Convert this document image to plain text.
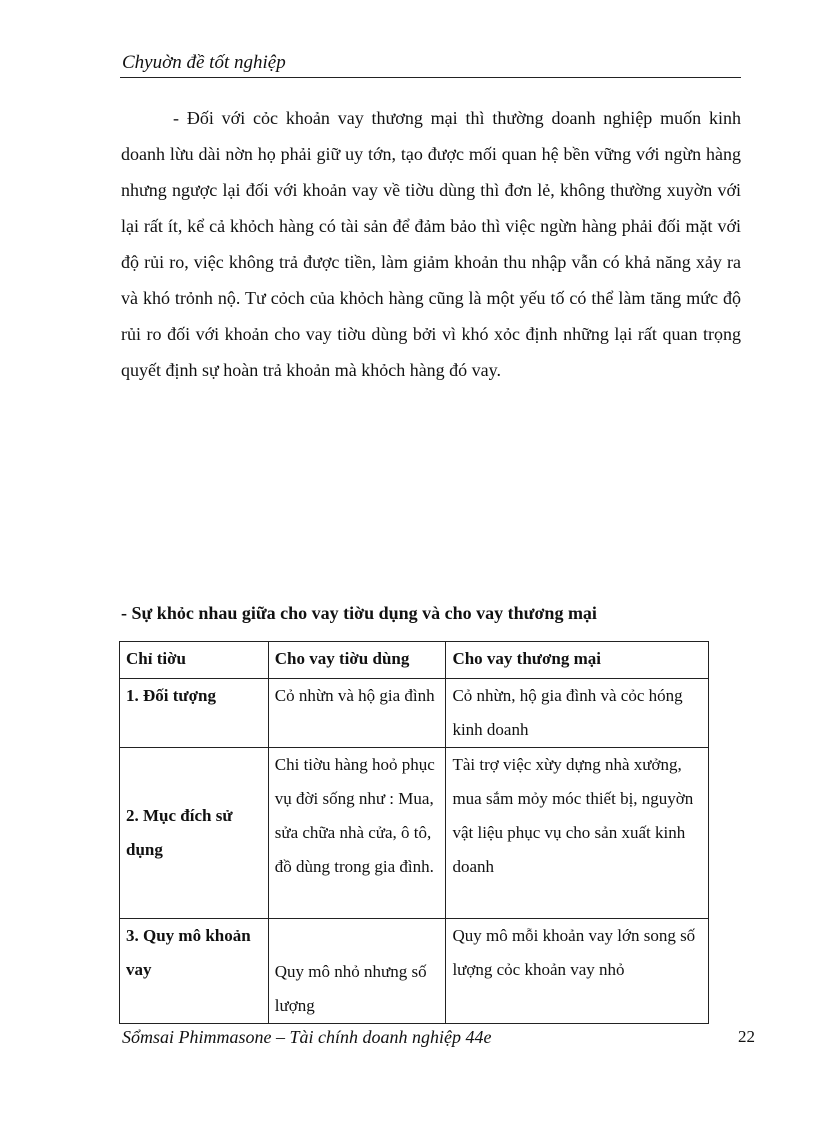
Chyuờn đề tốt nghiệp

- Đối với cỏc khoản vay thương mại thì thường doanh nghiệp muốn kinh doanh lừu dài nờn họ phải giữ uy tớn, tạo được mối quan hệ bền vững với ngừn hàng nhưng ngược lại đối với khoản vay về tiờu dùng thì đơn lẻ, không thường xuyờn với lại rất ít, kể cả khỏch hàng có tài sản để đảm bảo thì việc ngừn hàng phải đối mặt với độ rủi ro, việc không trả được tiền, làm giảm khoản thu nhập vẫn có khả năng xảy ra và khó trỏnh nộ. Tư cỏch của khỏch hàng cũng là một yếu tố có thể làm tăng mức độ rủi ro đối với khoản cho vay tiờu dùng bởi vì khó xỏc định những lại rất quan trọng quyết định sự hoàn trả khoản mà khỏch hàng đó vay.

- Sự khỏc nhau giữa cho vay tiờu dụng và cho vay thương mại
Chỉ tiờu	Cho vay tiờu dùng	Cho vay thương mại
1. Đối tượng	Cỏ nhừn và hộ gia đình	Cỏ nhừn, hộ gia đình và cỏc hóng kinh doanh
2. Mục đích sử dụng	Chi tiờu hàng hoỏ phục vụ đời sống như : Mua, sửa chữa nhà cửa, ô tô, đồ dùng trong gia đình.	Tài trợ việc xừy dựng nhà xưởng, mua sắm mỏy móc thiết bị, nguyờn vật liệu phục vụ cho sản xuất kinh doanh
3. Quy mô khoản vay	Quy mô nhỏ nhưng số lượng	Quy mô mỗi khoản vay lớn song số lượng cỏc khoản vay nhỏ
Sổmsai Phimmasone – Tài chính doanh nghiệp 44e	22
